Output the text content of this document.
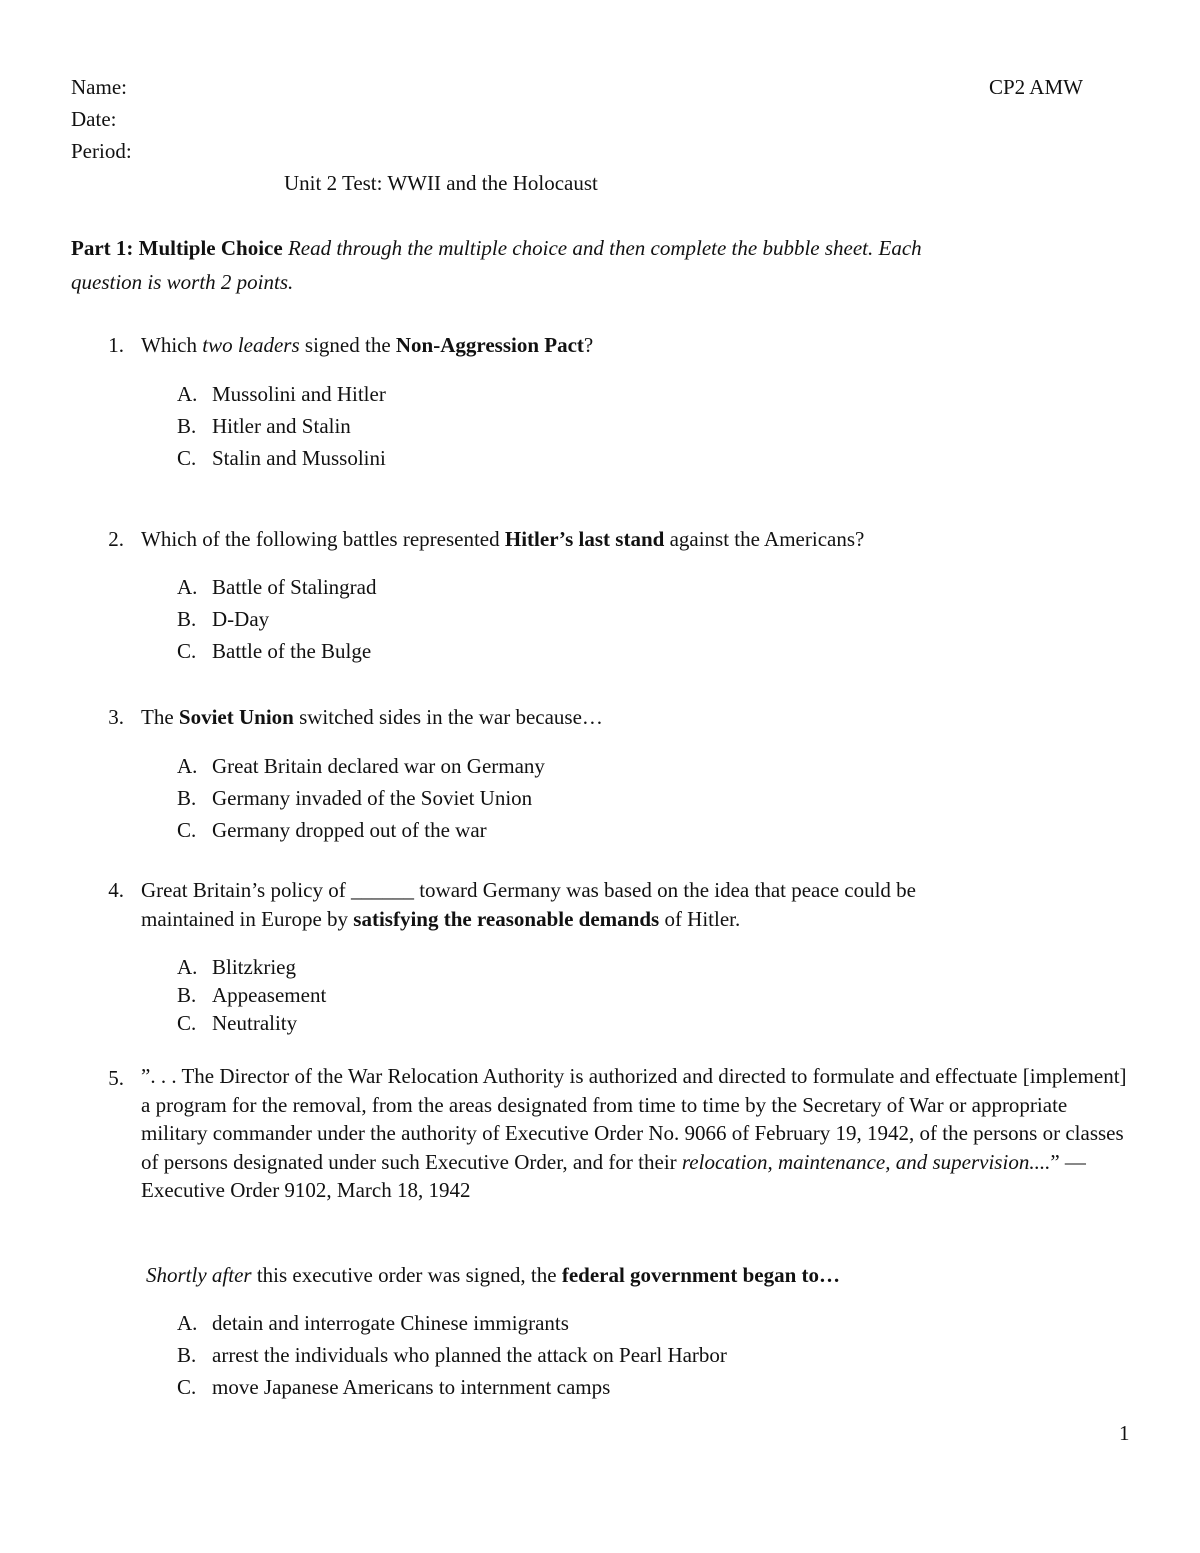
Name:	CP2 AMW
Date:
Period:
Unit 2 Test: WWII and the Holocaust
Part 1: Multiple Choice Read through the multiple choice and then complete the bubble sheet. Each
question is worth 2 points.
1. Which two leaders signed the Non-Aggression Pact?
A. Mussolini and Hitler
B. Hitler and Stalin
C. Stalin and Mussolini
2. Which of the following battles represented Hitler’s last stand against the Americans?
A. Battle of Stalingrad
B. D-Day
C. Battle of the Bulge
3. The Soviet Union switched sides in the war because…
A. Great Britain declared war on Germany
B. Germany invaded of the Soviet Union
C. Germany dropped out of the war
4. Great Britain’s policy of ______ toward Germany was based on the idea that peace could be
maintained in Europe by satisfying the reasonable demands of Hitler.
A. Blitzkrieg
B. Appeasement
C. Neutrality
5. ”. . . The Director of the War Relocation Authority is authorized and directed to formulate and effectuate [implement] a program for the removal, from the areas designated from time to time by the Secretary of War or appropriate military commander under the authority of Executive Order No. 9066 of February 19, 1942, of the persons or classes of persons designated under such Executive Order, and for their relocation, maintenance, and supervision....” — Executive Order 9102, March 18, 1942
Shortly after this executive order was signed, the federal government began to…
A. detain and interrogate Chinese immigrants
B. arrest the individuals who planned the attack on Pearl Harbor
C. move Japanese Americans to internment camps
1
